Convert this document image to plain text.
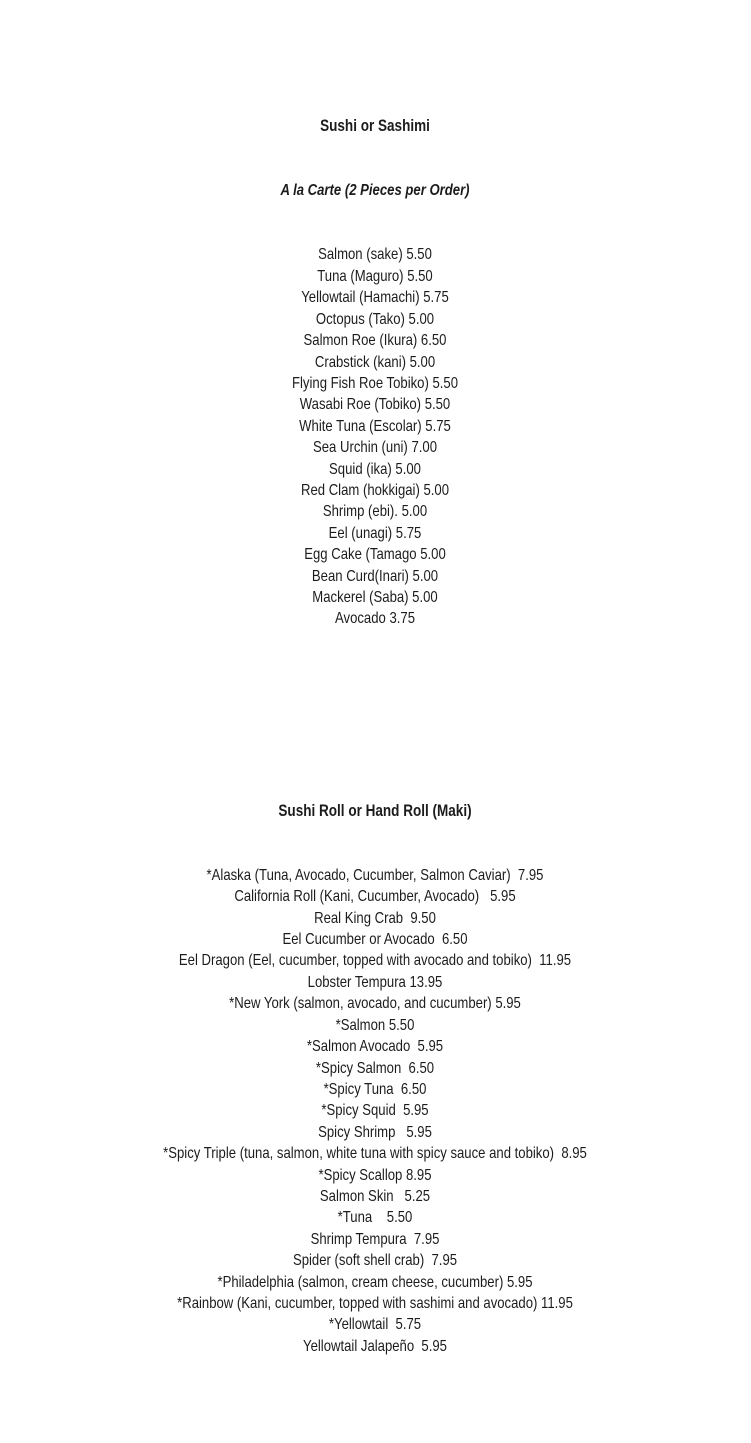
Sushi or Sashimi

A la Carte (2 Pieces per Order)

Salmon (sake) 5.50
Tuna (Maguro) 5.50
Yellowtail (Hamachi) 5.75
Octopus (Tako) 5.00
Salmon Roe (Ikura) 6.50
Crabstick (kani) 5.00
Flying Fish Roe Tobiko) 5.50
Wasabi Roe (Tobiko) 5.50
White Tuna (Escolar) 5.75
Sea Urchin (uni) 7.00
Squid (ika) 5.00
Red Clam (hokkigai) 5.00
Shrimp (ebi). 5.00
Eel (unagi) 5.75
Egg Cake (Tamago 5.00
Bean Curd(Inari) 5.00
Mackerel (Saba) 5.00
Avocado 3.75

Sushi Roll or Hand Roll (Maki)

*Alaska (Tuna, Avocado, Cucumber, Salmon Caviar)  7.95
California Roll (Kani, Cucumber, Avocado)   5.95
Real King Crab  9.50
Eel Cucumber or Avocado  6.50
Eel Dragon (Eel, cucumber, topped with avocado and tobiko)  11.95
Lobster Tempura 13.95
*New York (salmon, avocado, and cucumber) 5.95
*Salmon 5.50
*Salmon Avocado  5.95
*Spicy Salmon  6.50
*Spicy Tuna  6.50
*Spicy Squid  5.95
Spicy Shrimp   5.95
*Spicy Triple (tuna, salmon, white tuna with spicy sauce and tobiko)  8.95
*Spicy Scallop 8.95
Salmon Skin   5.25
*Tuna    5.50
Shrimp Tempura  7.95
Spider (soft shell crab)  7.95
*Philadelphia (salmon, cream cheese, cucumber) 5.95
*Rainbow (Kani, cucumber, topped with sashimi and avocado) 11.95
*Yellowtail  5.75
Yellowtail Jalapeño  5.95
